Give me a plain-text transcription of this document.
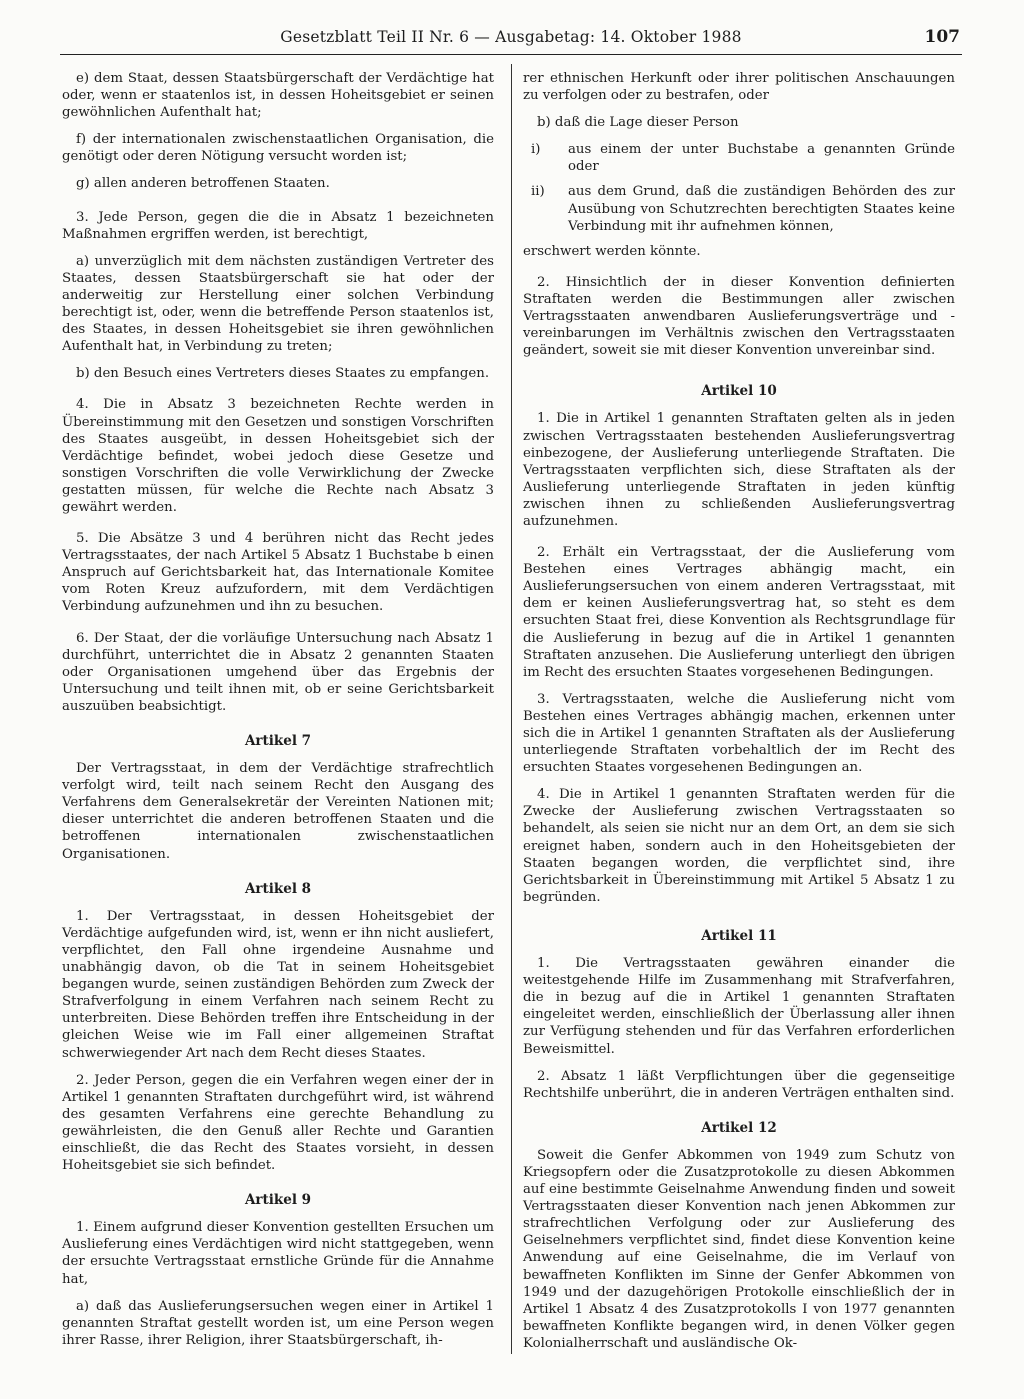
Gesetzblatt Teil II Nr. 6 — Ausgabetag: 14. Oktober 1988	107

e) dem Staat, dessen Staatsbürgerschaft der Verdächtige hat oder, wenn er staatenlos ist, in dessen Hoheitsgebiet er seinen gewöhnlichen Aufenthalt hat;

f) der internationalen zwischenstaatlichen Organisation, die genötigt oder deren Nötigung versucht worden ist;

g) allen anderen betroffenen Staaten.

3. Jede Person, gegen die die in Absatz 1 bezeichneten Maßnahmen ergriffen werden, ist berechtigt,

a) unverzüglich mit dem nächsten zuständigen Vertreter des Staates, dessen Staatsbürgerschaft sie hat oder der anderweitig zur Herstellung einer solchen Verbindung berechtigt ist, oder, wenn die betreffende Person staatenlos ist, des Staates, in dessen Hoheitsgebiet sie ihren gewöhnlichen Aufenthalt hat, in Verbindung zu treten;

b) den Besuch eines Vertreters dieses Staates zu empfangen.

4. Die in Absatz 3 bezeichneten Rechte werden in Übereinstimmung mit den Gesetzen und sonstigen Vorschriften des Staates ausgeübt, in dessen Hoheitsgebiet sich der Verdächtige befindet, wobei jedoch diese Gesetze und sonstigen Vorschriften die volle Verwirklichung der Zwecke gestatten müssen, für welche die Rechte nach Absatz 3 gewährt werden.

5. Die Absätze 3 und 4 berühren nicht das Recht jedes Vertragsstaates, der nach Artikel 5 Absatz 1 Buchstabe b einen Anspruch auf Gerichtsbarkeit hat, das Internationale Komitee vom Roten Kreuz aufzufordern, mit dem Verdächtigen Verbindung aufzunehmen und ihn zu besuchen.

6. Der Staat, der die vorläufige Untersuchung nach Absatz 1 durchführt, unterrichtet die in Absatz 2 genannten Staaten oder Organisationen umgehend über das Ergebnis der Untersuchung und teilt ihnen mit, ob er seine Gerichtsbarkeit auszuüben beabsichtigt.

Artikel 7

Der Vertragsstaat, in dem der Verdächtige strafrechtlich verfolgt wird, teilt nach seinem Recht den Ausgang des Verfahrens dem Generalsekretär der Vereinten Nationen mit; dieser unterrichtet die anderen betroffenen Staaten und die betroffenen internationalen zwischenstaatlichen Organisationen.

Artikel 8

1. Der Vertragsstaat, in dessen Hoheitsgebiet der Verdächtige aufgefunden wird, ist, wenn er ihn nicht ausliefert, verpflichtet, den Fall ohne irgendeine Ausnahme und unabhängig davon, ob die Tat in seinem Hoheitsgebiet begangen wurde, seinen zuständigen Behörden zum Zweck der Strafverfolgung in einem Verfahren nach seinem Recht zu unterbreiten. Diese Behörden treffen ihre Entscheidung in der gleichen Weise wie im Fall einer allgemeinen Straftat schwerwiegender Art nach dem Recht dieses Staates.

2. Jeder Person, gegen die ein Verfahren wegen einer der in Artikel 1 genannten Straftaten durchgeführt wird, ist während des gesamten Verfahrens eine gerechte Behandlung zu gewährleisten, die den Genuß aller Rechte und Garantien einschließt, die das Recht des Staates vorsieht, in dessen Hoheitsgebiet sie sich befindet.

Artikel 9

1. Einem aufgrund dieser Konvention gestellten Ersuchen um Auslieferung eines Verdächtigen wird nicht stattgegeben, wenn der ersuchte Vertragsstaat ernstliche Gründe für die Annahme hat,

a) daß das Auslieferungsersuchen wegen einer in Artikel 1 genannten Straftat gestellt worden ist, um eine Person wegen ihrer Rasse, ihrer Religion, ihrer Staatsbürgerschaft, ih-

rer ethnischen Herkunft oder ihrer politischen Anschauungen zu verfolgen oder zu bestrafen, oder

b) daß die Lage dieser Person

i)	aus einem der unter Buchstabe a genannten Gründe oder
ii)	aus dem Grund, daß die zuständigen Behörden des zur Ausübung von Schutzrechten berechtigten Staates keine Verbindung mit ihr aufnehmen können,

erschwert werden könnte.

2. Hinsichtlich der in dieser Konvention definierten Straftaten werden die Bestimmungen aller zwischen Vertragsstaaten anwendbaren Auslieferungsverträge und -vereinbarungen im Verhältnis zwischen den Vertragsstaaten geändert, soweit sie mit dieser Konvention unvereinbar sind.

Artikel 10

1. Die in Artikel 1 genannten Straftaten gelten als in jeden zwischen Vertragsstaaten bestehenden Auslieferungsvertrag einbezogene, der Auslieferung unterliegende Straftaten. Die Vertragsstaaten verpflichten sich, diese Straftaten als der Auslieferung unterliegende Straftaten in jeden künftig zwischen ihnen zu schließenden Auslieferungsvertrag aufzunehmen.

2. Erhält ein Vertragsstaat, der die Auslieferung vom Bestehen eines Vertrages abhängig macht, ein Auslieferungsersuchen von einem anderen Vertragsstaat, mit dem er keinen Auslieferungsvertrag hat, so steht es dem ersuchten Staat frei, diese Konvention als Rechtsgrundlage für die Auslieferung in bezug auf die in Artikel 1 genannten Straftaten anzusehen. Die Auslieferung unterliegt den übrigen im Recht des ersuchten Staates vorgesehenen Bedingungen.

3. Vertragsstaaten, welche die Auslieferung nicht vom Bestehen eines Vertrages abhängig machen, erkennen unter sich die in Artikel 1 genannten Straftaten als der Auslieferung unterliegende Straftaten vorbehaltlich der im Recht des ersuchten Staates vorgesehenen Bedingungen an.

4. Die in Artikel 1 genannten Straftaten werden für die Zwecke der Auslieferung zwischen Vertragsstaaten so behandelt, als seien sie nicht nur an dem Ort, an dem sie sich ereignet haben, sondern auch in den Hoheitsgebieten der Staaten begangen worden, die verpflichtet sind, ihre Gerichtsbarkeit in Übereinstimmung mit Artikel 5 Absatz 1 zu begründen.

Artikel 11

1. Die Vertragsstaaten gewähren einander die weitestgehende Hilfe im Zusammenhang mit Strafverfahren, die in bezug auf die in Artikel 1 genannten Straftaten eingeleitet werden, einschließlich der Überlassung aller ihnen zur Verfügung stehenden und für das Verfahren erforderlichen Beweismittel.

2. Absatz 1 läßt Verpflichtungen über die gegenseitige Rechtshilfe unberührt, die in anderen Verträgen enthalten sind.

Artikel 12

Soweit die Genfer Abkommen von 1949 zum Schutz von Kriegsopfern oder die Zusatzprotokolle zu diesen Abkommen auf eine bestimmte Geiselnahme Anwendung finden und soweit Vertragsstaaten dieser Konvention nach jenen Abkommen zur strafrechtlichen Verfolgung oder zur Auslieferung des Geiselnehmers verpflichtet sind, findet diese Konvention keine Anwendung auf eine Geiselnahme, die im Verlauf von bewaffneten Konflikten im Sinne der Genfer Abkommen von 1949 und der dazugehörigen Protokolle einschließlich der in Artikel 1 Absatz 4 des Zusatzprotokolls I von 1977 genannten bewaffneten Konflikte begangen wird, in denen Völker gegen Kolonialherrschaft und ausländische Ok-
